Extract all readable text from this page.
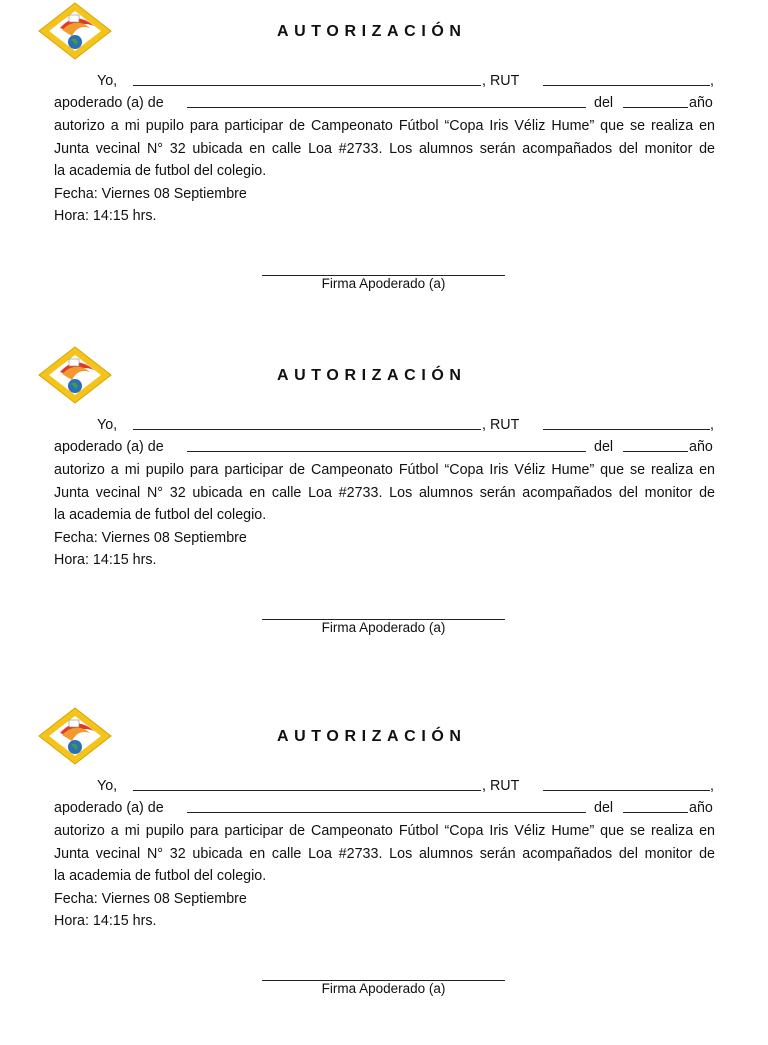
AUTORIZACIÓN
Yo,	, RUT	,
apoderado (a) de	del	año
autorizo a mi pupilo para participar de Campeonato Fútbol “Copa Iris Véliz Hume” que se realiza en
Junta vecinal N° 32 ubicada en calle Loa #2733. Los alumnos serán acompañados del monitor de
la academia de futbol del colegio.
Fecha: Viernes 08 Septiembre
Hora: 14:15 hrs.
Firma Apoderado (a)
AUTORIZACIÓN
Yo,	, RUT	,
apoderado (a) de	del	año
autorizo a mi pupilo para participar de Campeonato Fútbol “Copa Iris Véliz Hume” que se realiza en
Junta vecinal N° 32 ubicada en calle Loa #2733. Los alumnos serán acompañados del monitor de
la academia de futbol del colegio.
Fecha: Viernes 08 Septiembre
Hora: 14:15 hrs.
Firma Apoderado (a)
AUTORIZACIÓN
Yo,	, RUT	,
apoderado (a) de	del	año
autorizo a mi pupilo para participar de Campeonato Fútbol “Copa Iris Véliz Hume” que se realiza en
Junta vecinal N° 32 ubicada en calle Loa #2733. Los alumnos serán acompañados del monitor de
la academia de futbol del colegio.
Fecha: Viernes 08 Septiembre
Hora: 14:15 hrs.
Firma Apoderado (a)
